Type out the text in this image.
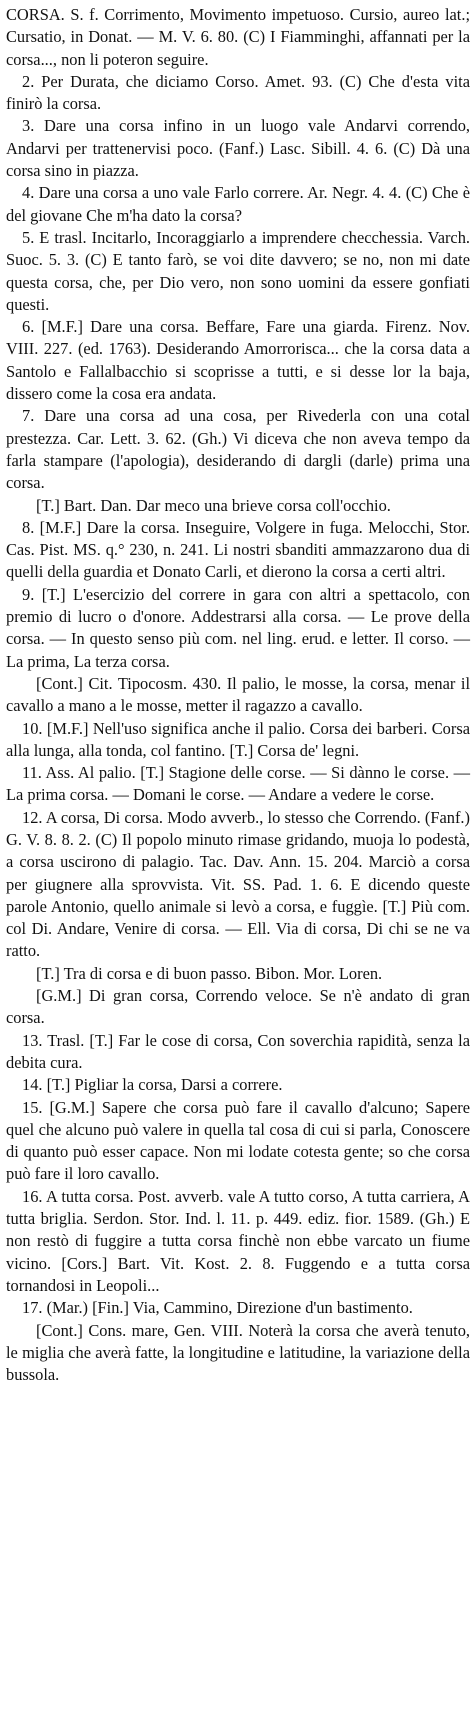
CORSA. S. f. Corrimento, Movimento impetuoso. Cursio, aureo lat.; Cursatio, in Donat. — M. V. 6. 80. (C) I Fiamminghi, affannati per la corsa..., non li poteron seguire.

2. Per Durata, che diciamo Corso. Amet. 93. (C) Che d'esta vita finirò la corsa.

3. Dare una corsa infino in un luogo vale Andarvi correndo, Andarvi per trattenervisi poco. (Fanf.) Lasc. Sibill. 4. 6. (C) Dà una corsa sino in piazza.

4. Dare una corsa a uno vale Farlo correre. Ar. Negr. 4. 4. (C) Che è del giovane Che m'ha dato la corsa?

5. E trasl. Incitarlo, Incoraggiarlo a imprendere checchessia. Varch. Suoc. 5. 3. (C) E tanto farò, se voi dite davvero; se no, non mi date questa corsa, che, per Dio vero, non sono uomini da essere gonfiati questi.

6. [M.F.] Dare una corsa. Beffare, Fare una giarda. Firenz. Nov. VIII. 227. (ed. 1763). Desiderando Amorrorisca... che la corsa data a Santolo e Fallalbacchio si scoprisse a tutti, e si desse lor la baja, dissero come la cosa era andata.

7. Dare una corsa ad una cosa, per Rivederla con una cotal prestezza. Car. Lett. 3. 62. (Gh.) Vi diceva che non aveva tempo da farla stampare (l'apologia), desiderando di dargli (darle) prima una corsa.

[T.] Bart. Dan. Dar meco una brieve corsa coll'occhio.

8. [M.F.] Dare la corsa. Inseguire, Volgere in fuga. Melocchi, Stor. Cas. Pist. MS. q.° 230, n. 241. Li nostri sbanditi ammazzarono dua di quelli della guardia et Donato Carli, et dierono la corsa a certi altri.

9. [T.] L'esercizio del correre in gara con altri a spettacolo, con premio di lucro o d'onore. Addestrarsi alla corsa. — Le prove della corsa. — In questo senso più com. nel ling. erud. e letter. Il corso. — La prima, La terza corsa.

[Cont.] Cit. Tipocosm. 430. Il palio, le mosse, la corsa, menar il cavallo a mano a le mosse, metter il ragazzo a cavallo.

10. [M.F.] Nell'uso significa anche il palio. Corsa dei barberi. Corsa alla lunga, alla tonda, col fantino. [T.] Corsa de' legni.

11. Ass. Al palio. [T.] Stagione delle corse. — Si dànno le corse. — La prima corsa. — Domani le corse. — Andare a vedere le corse.

12. A corsa, Di corsa. Modo avverb., lo stesso che Correndo. (Fanf.) G. V. 8. 8. 2. (C) Il popolo minuto rimase gridando, muoja lo podestà, a corsa uscirono di palagio. Tac. Dav. Ann. 15. 204. Marciò a corsa per giugnere alla sprovvista. Vit. SS. Pad. 1. 6. E dicendo queste parole Antonio, quello animale si levò a corsa, e fuggìe. [T.] Più com. col Di. Andare, Venire di corsa. — Ell. Via di corsa, Di chi se ne va ratto.

[T.] Tra di corsa e di buon passo. Bibon. Mor. Loren.

[G.M.] Di gran corsa, Correndo veloce. Se n'è andato di gran corsa.

13. Trasl. [T.] Far le cose di corsa, Con soverchia rapidità, senza la debita cura.

14. [T.] Pigliar la corsa, Darsi a correre.

15. [G.M.] Sapere che corsa può fare il cavallo d'alcuno; Sapere quel che alcuno può valere in quella tal cosa di cui si parla, Conoscere di quanto può esser capace. Non mi lodate cotesta gente; so che corsa può fare il loro cavallo.

16. A tutta corsa. Post. avverb. vale A tutto corso, A tutta carriera, A tutta briglia. Serdon. Stor. Ind. l. 11. p. 449. ediz. fior. 1589. (Gh.) E non restò di fuggire a tutta corsa finchè non ebbe varcato un fiume vicino. [Cors.] Bart. Vit. Kost. 2. 8. Fuggendo e a tutta corsa tornandosi in Leopoli...

17. (Mar.) [Fin.] Via, Cammino, Direzione d'un bastimento.

[Cont.] Cons. mare, Gen. VIII. Noterà la corsa che averà tenuto, le miglia che averà fatte, la longitudine e latitudine, la variazione della bussola.
